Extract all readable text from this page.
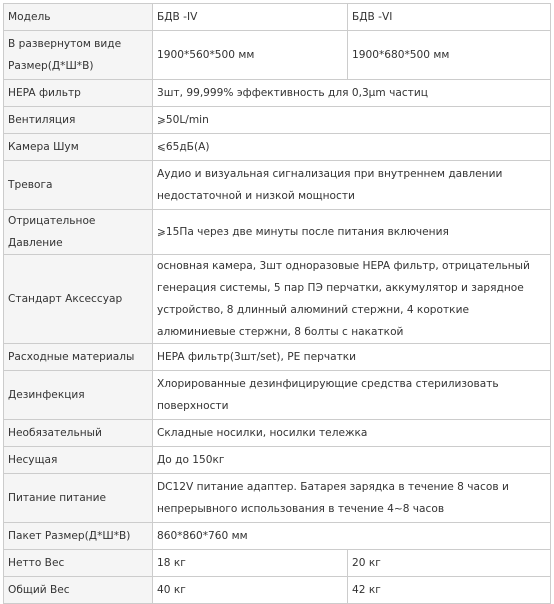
Модель	БДВ -IV	БДВ -VI
В развернутом виде Размер(Д*Ш*В)	1900*560*500 мм	1900*680*500 мм
HEPA фильтр	3шт, 99,999% эффективность для 0,3μm частиц	
Вентиляция	⩾50L/min	
Камера Шум	⩽65дБ(A)	
Тревога	Аудио и визуальная сигнализация при внутреннем давлении недостаточной и низкой мощности	
Отрицательное Давление	⩾15Па через две минуты после питания включения	
Стандарт Аксессуар	основная камера, 3шт одноразовые HEPA фильтр, отрицательный генерация системы, 5 пар ПЭ перчатки, аккумулятор и зарядное устройство, 8 длинный алюминий стержни, 4 короткие алюминиевые стержни, 8 болты с накаткой	
Расходные материалы	HEPA фильтр(3шт/set), PE перчатки	
Дезинфекция	Хлорированные дезинфицирующие средства стерилизовать поверхности	
Необязательный	Складные носилки, носилки тележка	
Несущая	До до 150кг	
Питание питание	DC12V питание адаптер. Батарея зарядка в течение 8 часов и непрерывного использования в течение 4~8 часов	
Пакет Размер(Д*Ш*В)	860*860*760 мм	
Нетто Вес	18 кг	20 кг
Общий Вес	40 кг	42 кг
